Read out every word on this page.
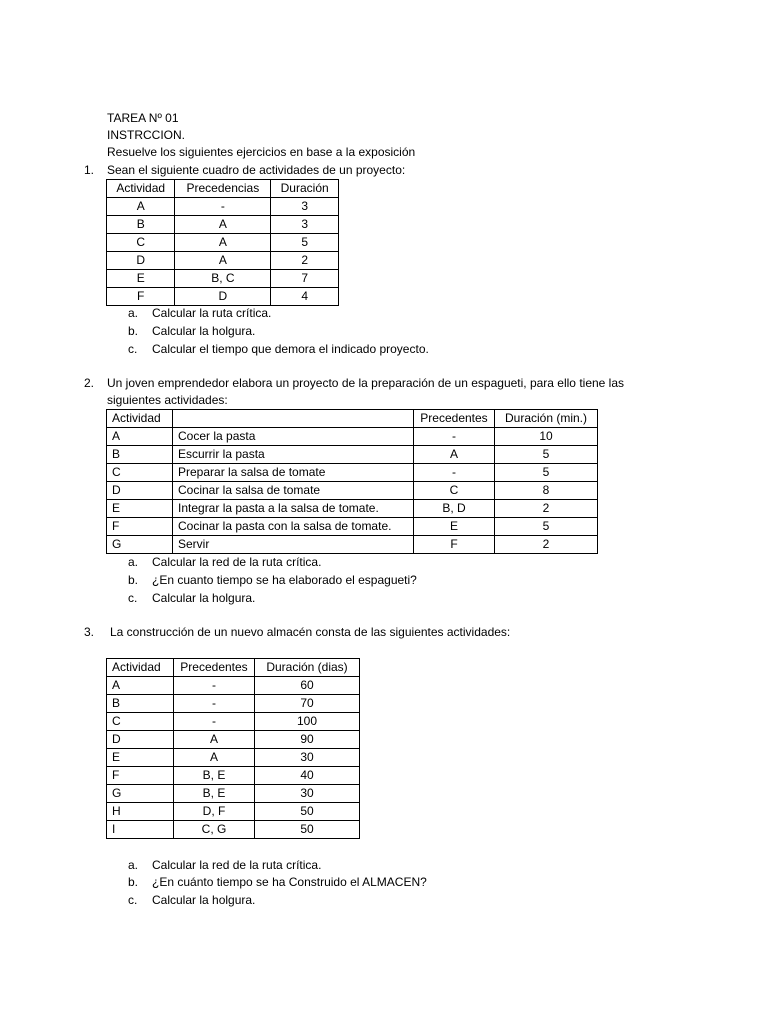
TAREA Nº 01
INSTRCCION.
Resuelve los siguientes ejercicios en base a la exposición
1. Sean el siguiente cuadro de actividades de un proyecto:
Actividad	Precedencias	Duración
A	-	3
B	A	3
C	A	5
D	A	2
E	B, C	7
F	D	4
a. Calcular la ruta crítica.
b. Calcular la holgura.
c. Calcular el tiempo que demora el indicado proyecto.
2. Un joven emprendedor elabora un proyecto de la preparación de un espagueti, para ello tiene las
siguientes actividades:
Actividad		Precedentes	Duración (min.)
A	Cocer la pasta	-	10
B	Escurrir la pasta	A	5
C	Preparar la salsa de tomate	-	5
D	Cocinar la salsa de tomate	C	8
E	Integrar la pasta a la salsa de tomate.	B, D	2
F	Cocinar la pasta con la salsa de tomate.	E	5
G	Servir	F	2
a. Calcular la red de la ruta crítica.
b. ¿En cuanto tiempo se ha elaborado el espagueti?
c. Calcular la holgura.
3. La construcción de un nuevo almacén consta de las siguientes actividades:
Actividad	Precedentes	Duración (dias)
A	-	60
B	-	70
C	-	100
D	A	90
E	A	30
F	B, E	40
G	B, E	30
H	D, F	50
I	C, G	50
a. Calcular la red de la ruta crítica.
b. ¿En cuánto tiempo se ha Construido el ALMACEN?
c. Calcular la holgura.
